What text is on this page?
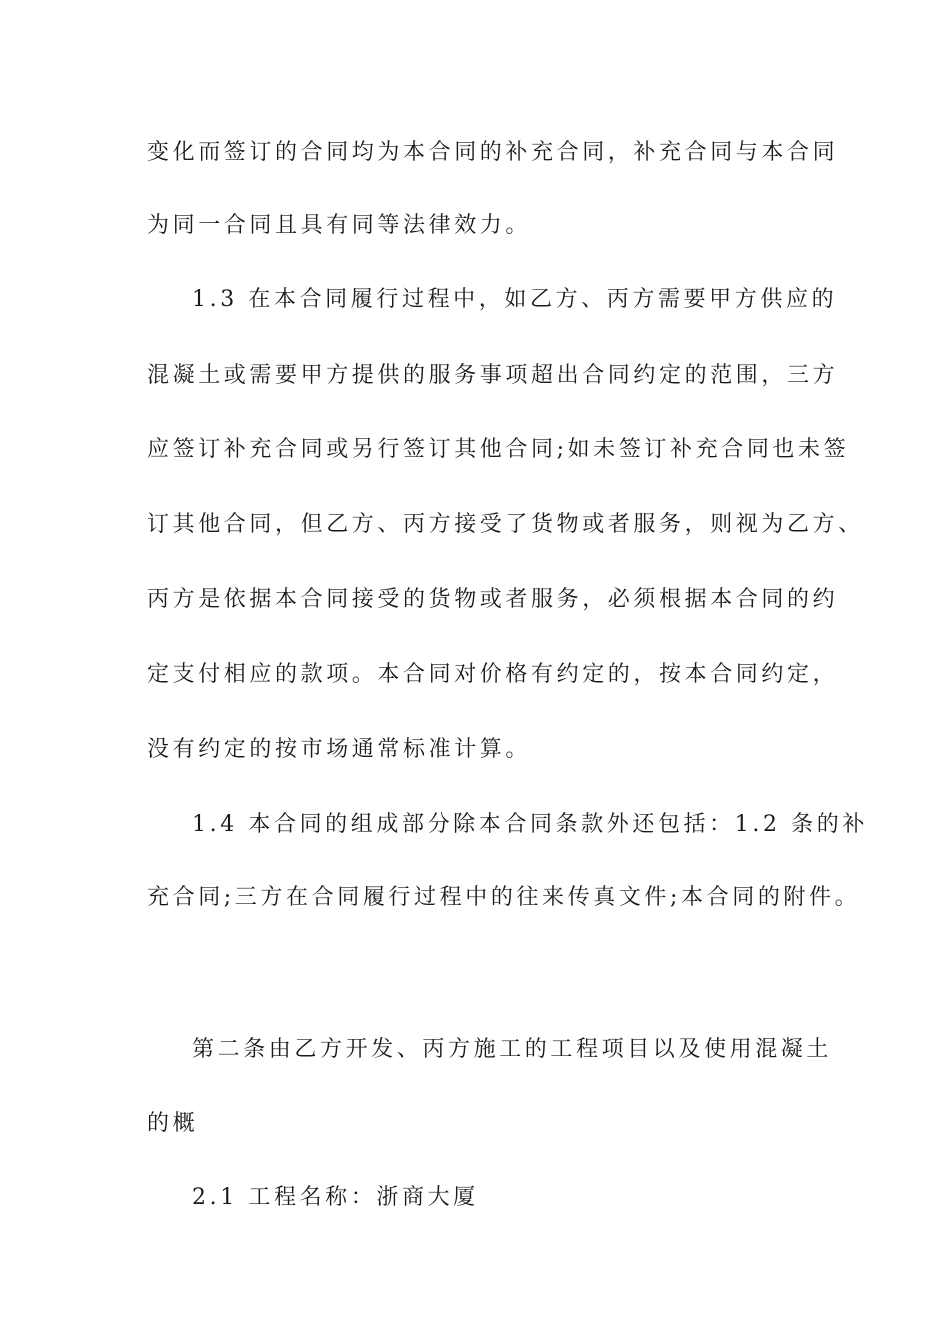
变化而签订的合同均为本合同的补充合同，补充合同与本合同
为同一合同且具有同等法律效力。
1.3 在本合同履行过程中，如乙方、丙方需要甲方供应的
混凝土或需要甲方提供的服务事项超出合同约定的范围，三方
应签订补充合同或另行签订其他合同;如未签订补充合同也未签
订其他合同，但乙方、丙方接受了货物或者服务，则视为乙方、
丙方是依据本合同接受的货物或者服务，必须根据本合同的约
定支付相应的款项。本合同对价格有约定的，按本合同约定，
没有约定的按市场通常标准计算。
1.4 本合同的组成部分除本合同条款外还包括：1.2 条的补
充合同;三方在合同履行过程中的往来传真文件;本合同的附件。
第二条由乙方开发、丙方施工的工程项目以及使用混凝土
的概
2.1 工程名称：浙商大厦
